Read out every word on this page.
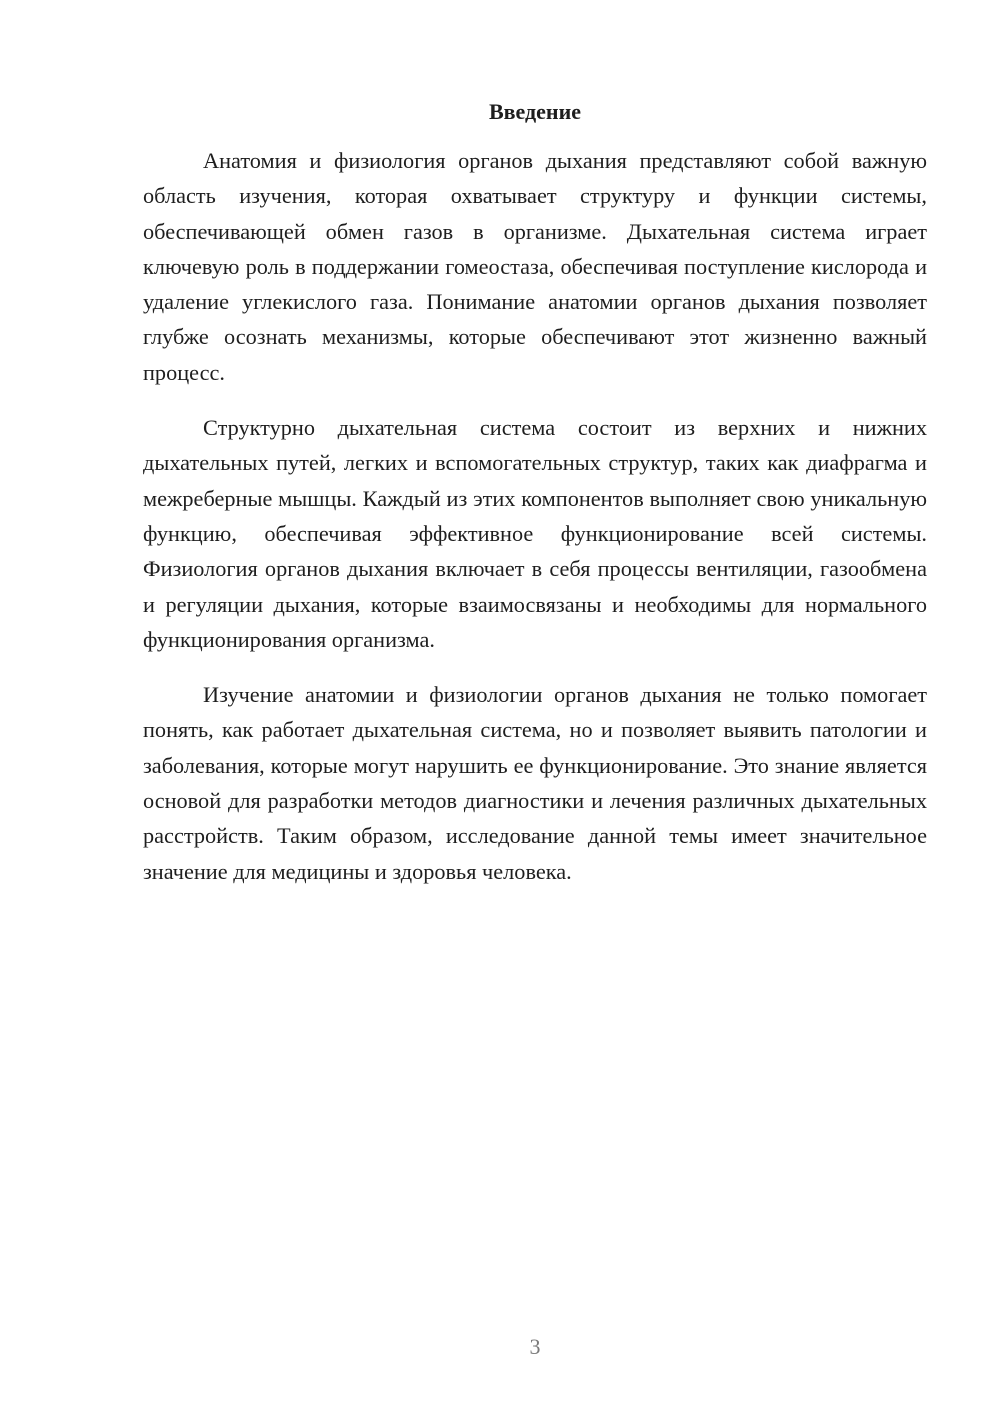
Введение

Анатомия и физиология органов дыхания представляют собой важную область изучения, которая охватывает структуру и функции системы, обеспечивающей обмен газов в организме. Дыхательная система играет ключевую роль в поддержании гомеостаза, обеспечивая поступление кислорода и удаление углекислого газа. Понимание анатомии органов дыхания позволяет глубже осознать механизмы, которые обеспечивают этот жизненно важный процесс.

Структурно дыхательная система состоит из верхних и нижних дыхательных путей, легких и вспомогательных структур, таких как диафрагма и межреберные мышцы. Каждый из этих компонентов выполняет свою уникальную функцию, обеспечивая эффективное функционирование всей системы. Физиология органов дыхания включает в себя процессы вентиляции, газообмена и регуляции дыхания, которые взаимосвязаны и необходимы для нормального функционирования организма.

Изучение анатомии и физиологии органов дыхания не только помогает понять, как работает дыхательная система, но и позволяет выявить патологии и заболевания, которые могут нарушить ее функционирование. Это знание является основой для разработки методов диагностики и лечения различных дыхательных расстройств. Таким образом, исследование данной темы имеет значительное значение для медицины и здоровья человека.

3
